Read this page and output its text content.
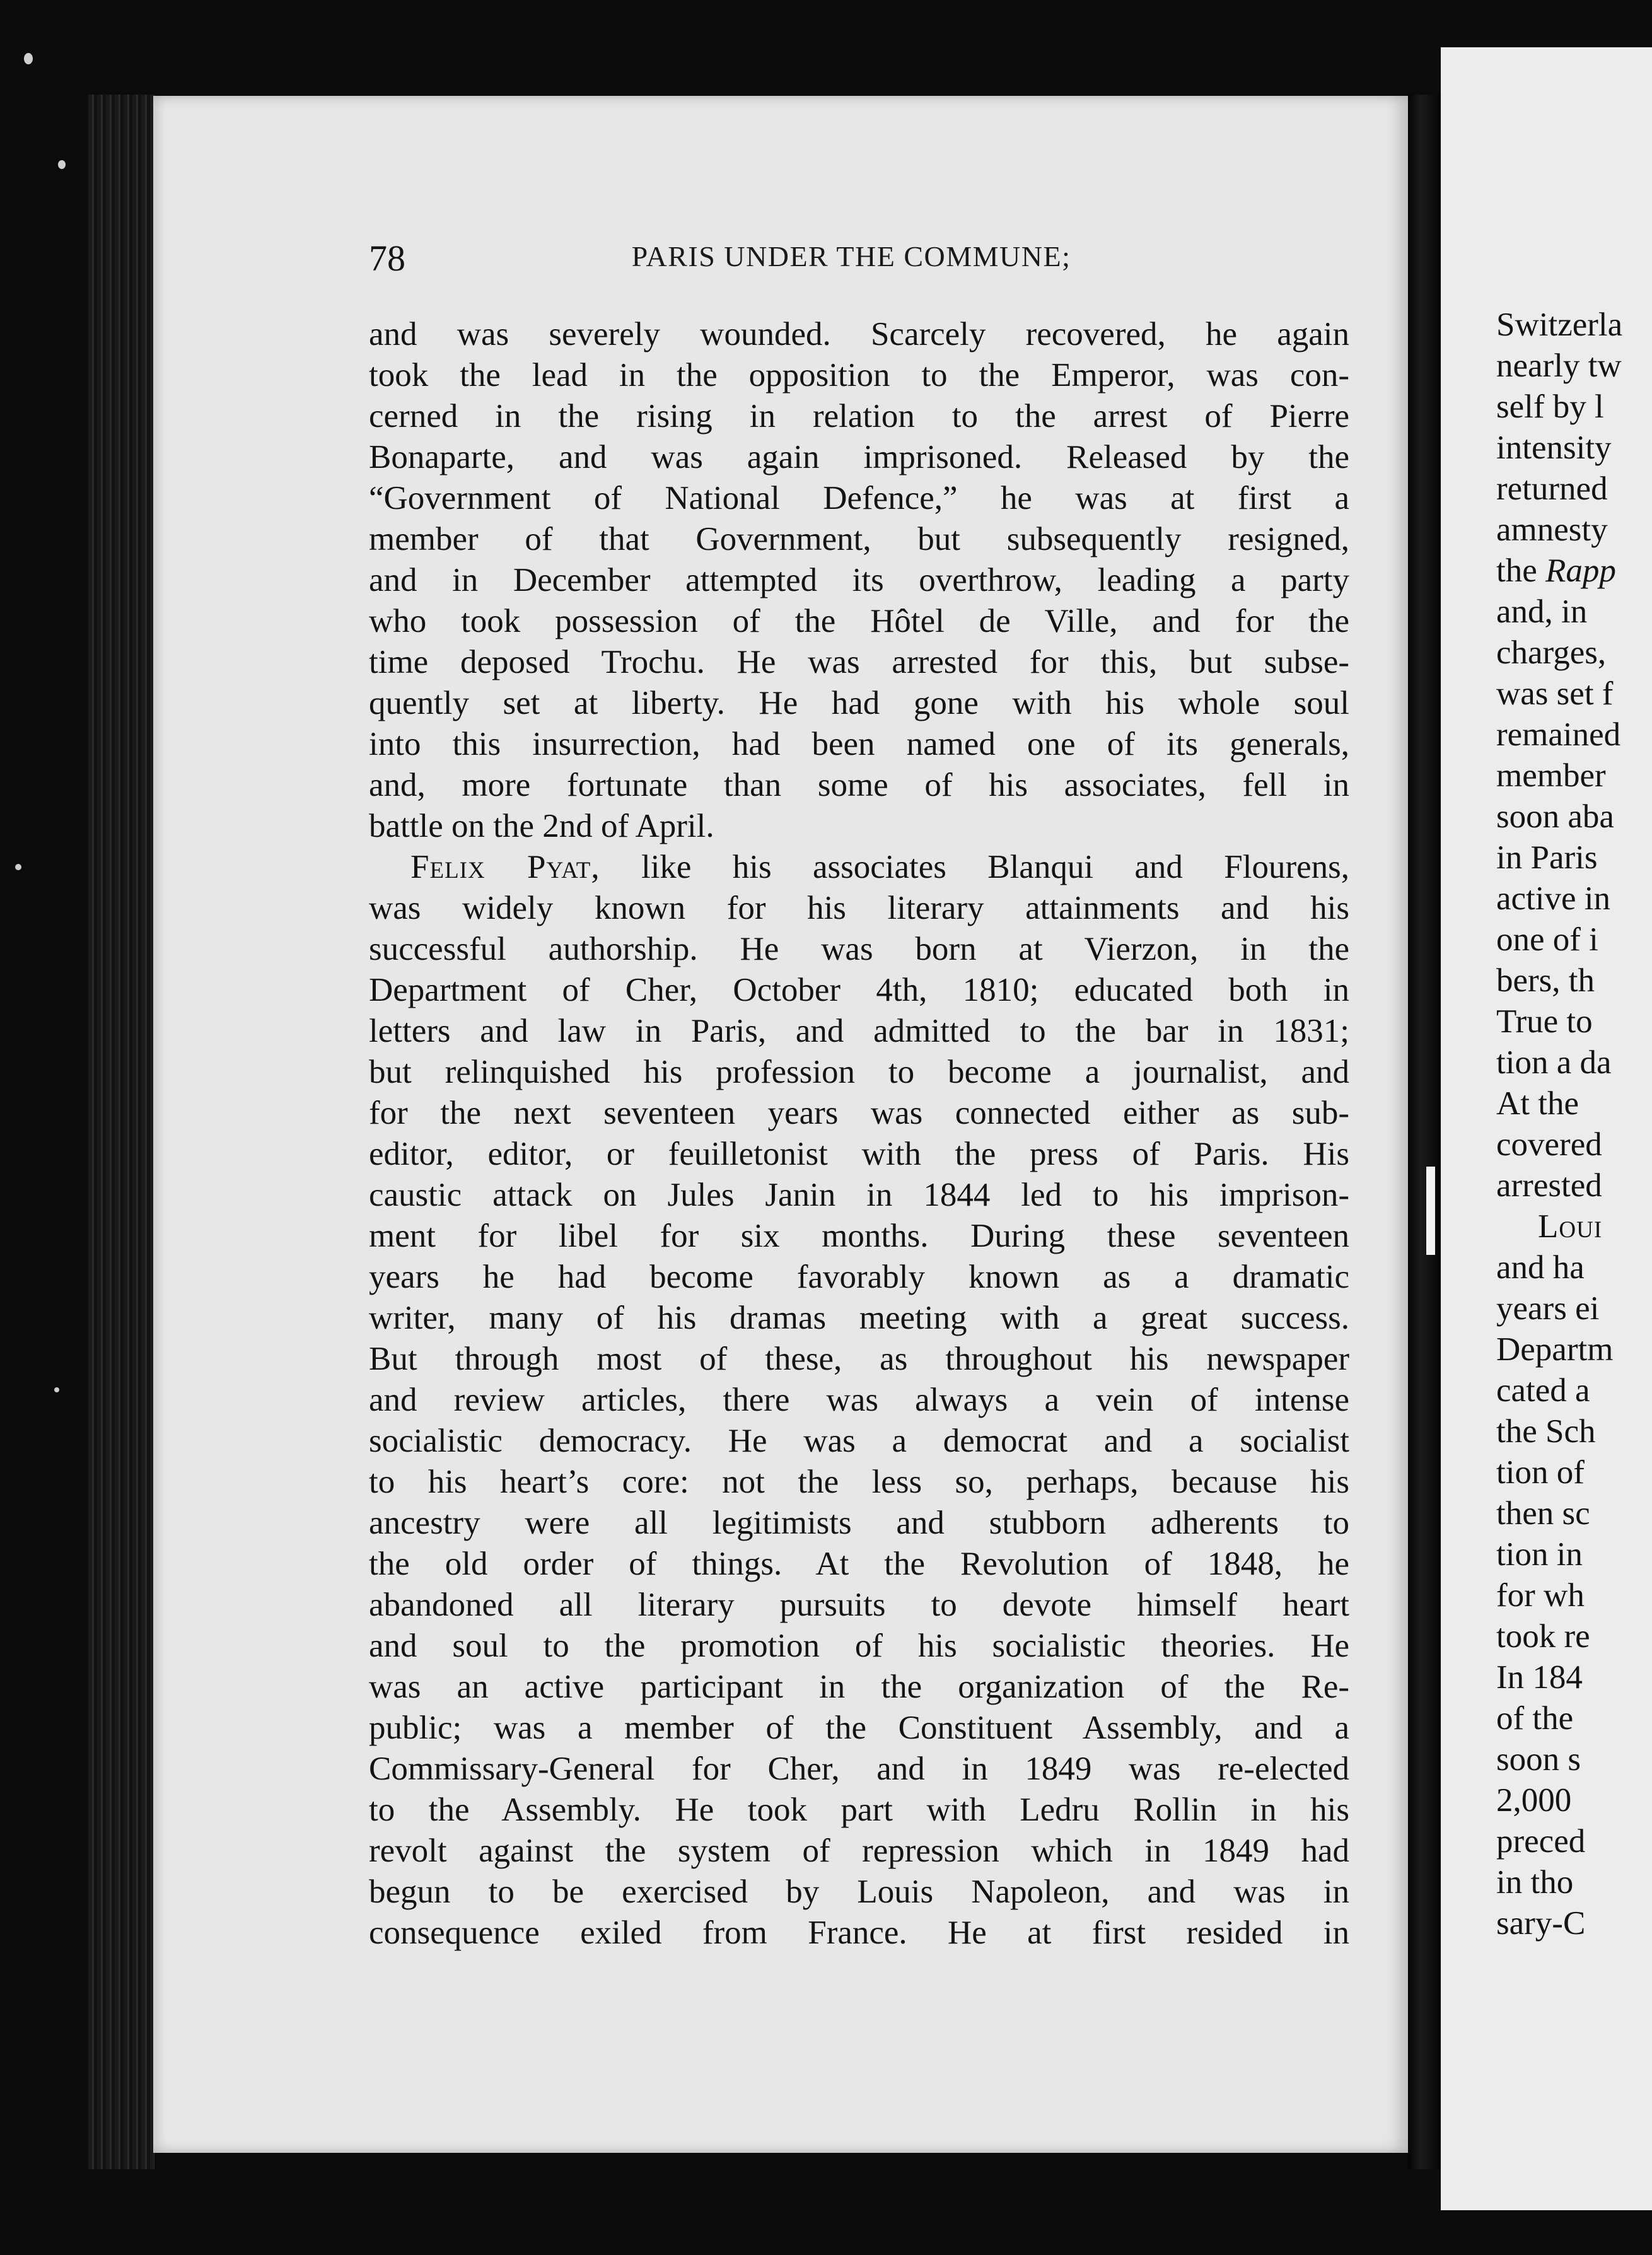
78	PARIS UNDER THE COMMUNE;
and was severely wounded. Scarcely recovered, he again
took the lead in the opposition to the Emperor, was con-
cerned in the rising in relation to the arrest of Pierre
Bonaparte, and was again imprisoned. Released by the
“Government of National Defence,” he was at first a
member of that Government, but subsequently resigned,
and in December attempted its overthrow, leading a party
who took possession of the Hôtel de Ville, and for the
time deposed Trochu. He was arrested for this, but subse-
quently set at liberty. He had gone with his whole soul
into this insurrection, had been named one of its generals,
and, more fortunate than some of his associates, fell in
battle on the 2nd of April.
Felix Pyat, like his associates Blanqui and Flourens,
was widely known for his literary attainments and his
successful authorship. He was born at Vierzon, in the
Department of Cher, October 4th, 1810; educated both in
letters and law in Paris, and admitted to the bar in 1831;
but relinquished his profession to become a journalist, and
for the next seventeen years was connected either as sub-
editor, editor, or feuilletonist with the press of Paris. His
caustic attack on Jules Janin in 1844 led to his imprison-
ment for libel for six months. During these seventeen
years he had become favorably known as a dramatic
writer, many of his dramas meeting with a great success.
But through most of these, as throughout his newspaper
and review articles, there was always a vein of intense
socialistic democracy. He was a democrat and a socialist
to his heart’s core: not the less so, perhaps, because his
ancestry were all legitimists and stubborn adherents to
the old order of things. At the Revolution of 1848, he
abandoned all literary pursuits to devote himself heart
and soul to the promotion of his socialistic theories. He
was an active participant in the organization of the Re-
public; was a member of the Constituent Assembly, and a
Commissary-General for Cher, and in 1849 was re-elected
to the Assembly. He took part with Ledru Rollin in his
revolt against the system of repression which in 1849 had
begun to be exercised by Louis Napoleon, and was in
consequence exiled from France. He at first resided in
Switzerla
nearly tw
self by l
intensity
returned
amnesty
the Rapp
and, in
charges,
was set f
remained
member
soon aba
in Paris
active in
one of i
bers, th
True to
tion a da
At the
covered
arrested
Loui
and ha
years ei
Departm
cated a
the Sch
tion of
then sc
tion in
for wh
took re
In 184
of the
soon s
2,000
preced
in tho
sary-C
